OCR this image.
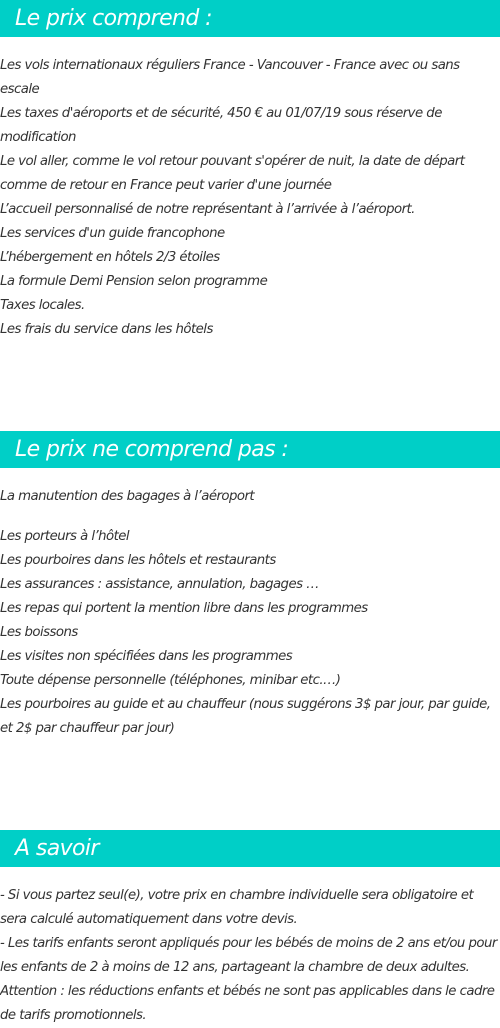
Le prix comprend :

Les vols internationaux réguliers France - Vancouver - France avec ou sans escale

Les taxes d'aéroports et de sécurité, 450 € au 01/07/19 sous réserve de modification

Le vol aller, comme le vol retour pouvant s'opérer de nuit, la date de départ comme de retour en France peut varier d'une journée

L’accueil personnalisé de notre représentant à l’arrivée à l’aéroport.

Les services d'un guide francophone

L’hébergement en hôtels 2/3 étoiles

La formule Demi Pension selon programme

Taxes locales.

Les frais du service dans les hôtels

Le prix ne comprend pas :

La manutention des bagages à l’aéroport

Les porteurs à l’hôtel

Les pourboires dans les hôtels et restaurants

Les assurances : assistance, annulation, bagages …

Les repas qui portent la mention libre dans les programmes

Les boissons

Les visites non spécifiées dans les programmes

Toute dépense personnelle (téléphones, minibar etc.…)

Les pourboires au guide et au chauffeur (nous suggérons 3$ par jour, par guide, et 2$ par chauffeur par jour)

A savoir

- Si vous partez seul(e), votre prix en chambre individuelle sera obligatoire et sera calculé automatiquement dans votre devis.

- Les tarifs enfants seront appliqués pour les bébés de moins de 2 ans et/ou pour les enfants de 2 à moins de 12 ans, partageant la chambre de deux adultes.

Attention : les réductions enfants et bébés ne sont pas applicables dans le cadre de tarifs promotionnels.
